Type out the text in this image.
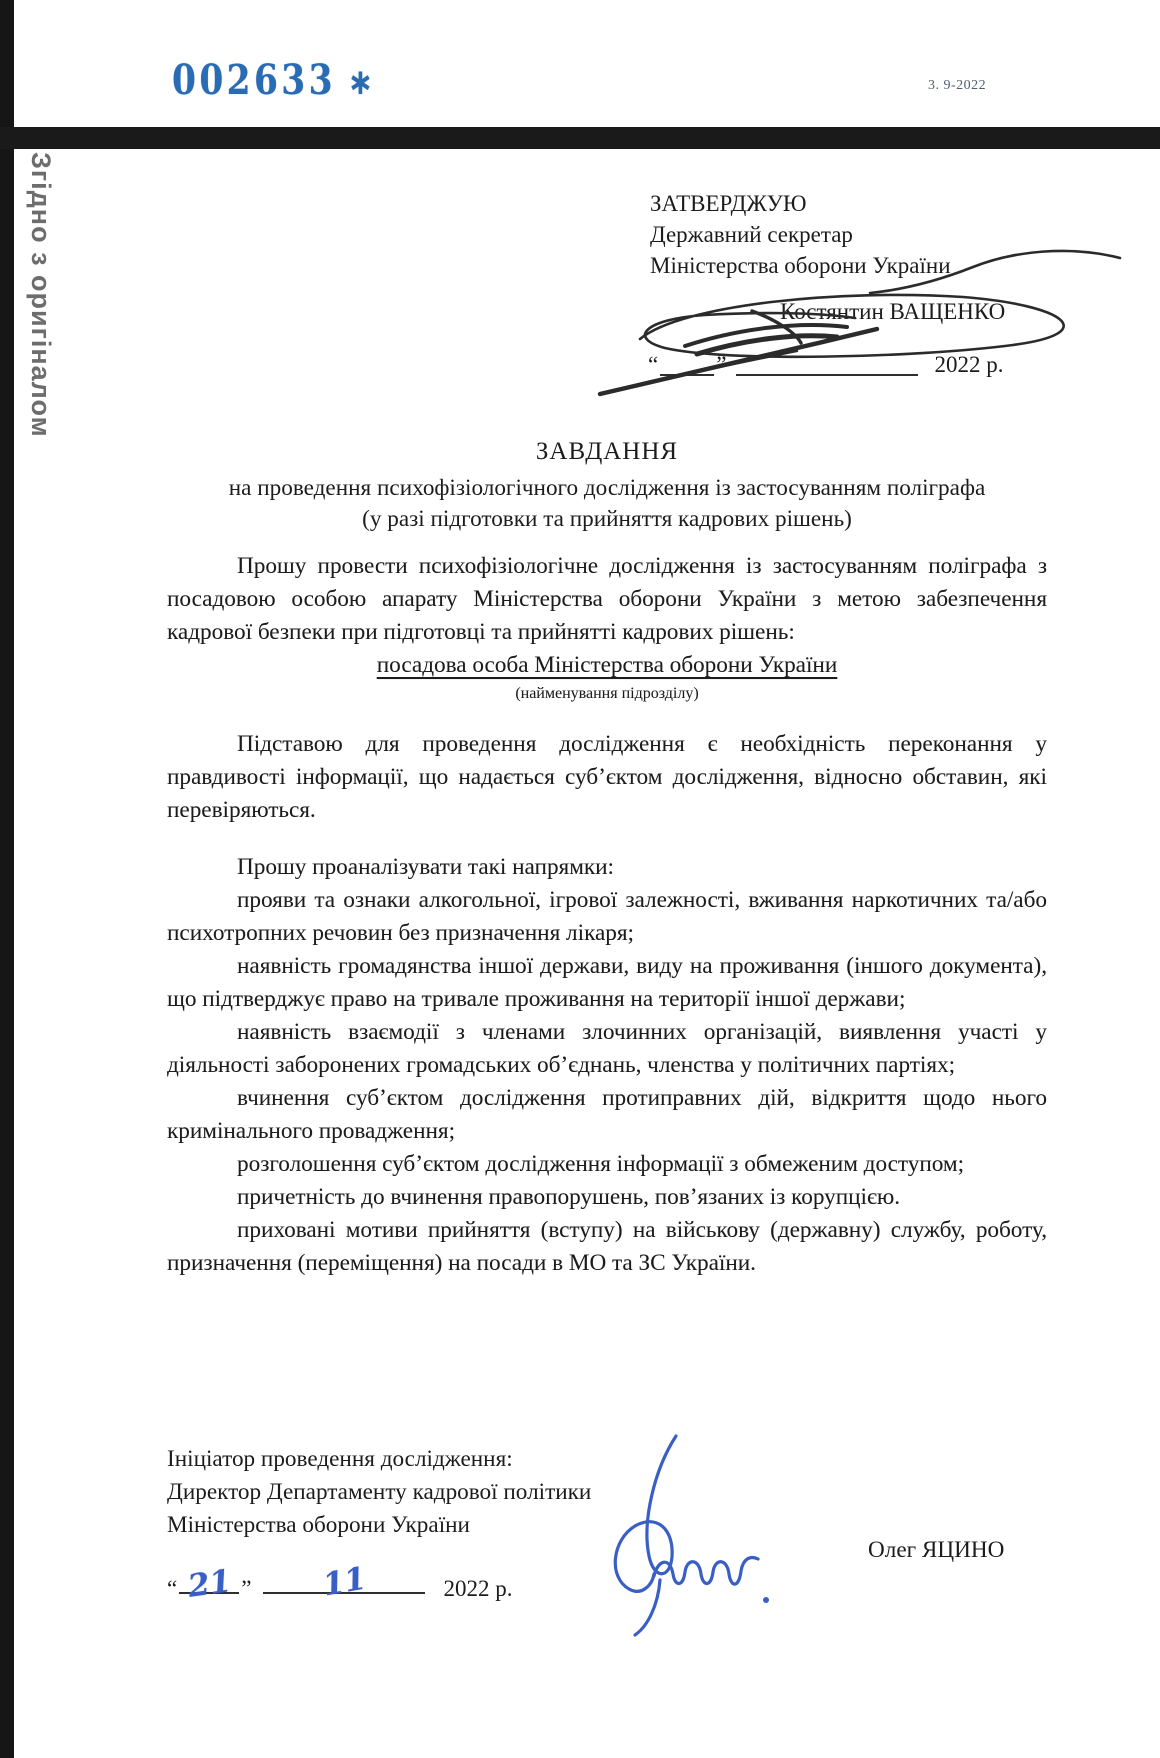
002633 ∗	3. 9-2022
Згідно з оригіналом	ЗАТВЕРДЖУЮ
Державний секретар
Міністерства оборони України
Костянтин ВАЩЕНКО
“	”	2022 р.
ЗАВДАННЯ
на проведення психофізіологічного дослідження із застосуванням поліграфа
(у разі підготовки та прийняття кадрових рішень)

Прошу провести психофізіологічне дослідження із застосуванням поліграфа з посадовою особою апарату Міністерства оборони України з метою забезпечення кадрової безпеки при підготовці та прийнятті кадрових рішень:

посадова особа Міністерства оборони України

(найменування підрозділу)

Підставою для проведення дослідження є необхідність переконання у правдивості інформації, що надається суб’єктом дослідження, відносно обставин, які перевіряються.

Прошу проаналізувати такі напрямки:

прояви та ознаки алкогольної, ігрової залежності, вживання наркотичних та/або психотропних речовин без призначення лікаря;

наявність громадянства іншої держави, виду на проживання (іншого документа), що підтверджує право на тривале проживання на території іншої держави;

наявність взаємодії з членами злочинних організацій, виявлення участі у діяльності заборонених громадських об’єднань, членства у політичних партіях;

вчинення суб’єктом дослідження протиправних дій, відкриття щодо нього кримінального провадження;

розголошення суб’єктом дослідження інформації з обмеженим доступом;

причетність до вчинення правопорушень, пов’язаних із корупцією.

приховані мотиви прийняття (вступу) на військову (державну) службу, роботу, призначення (переміщення) на посади в МО та ЗС України.

Ініціатор проведення дослідження:
Директор Департаменту кадрової політики
Міністерства оборони України
Олег ЯЦИНО
“ 21 ” 11	2022 р.
